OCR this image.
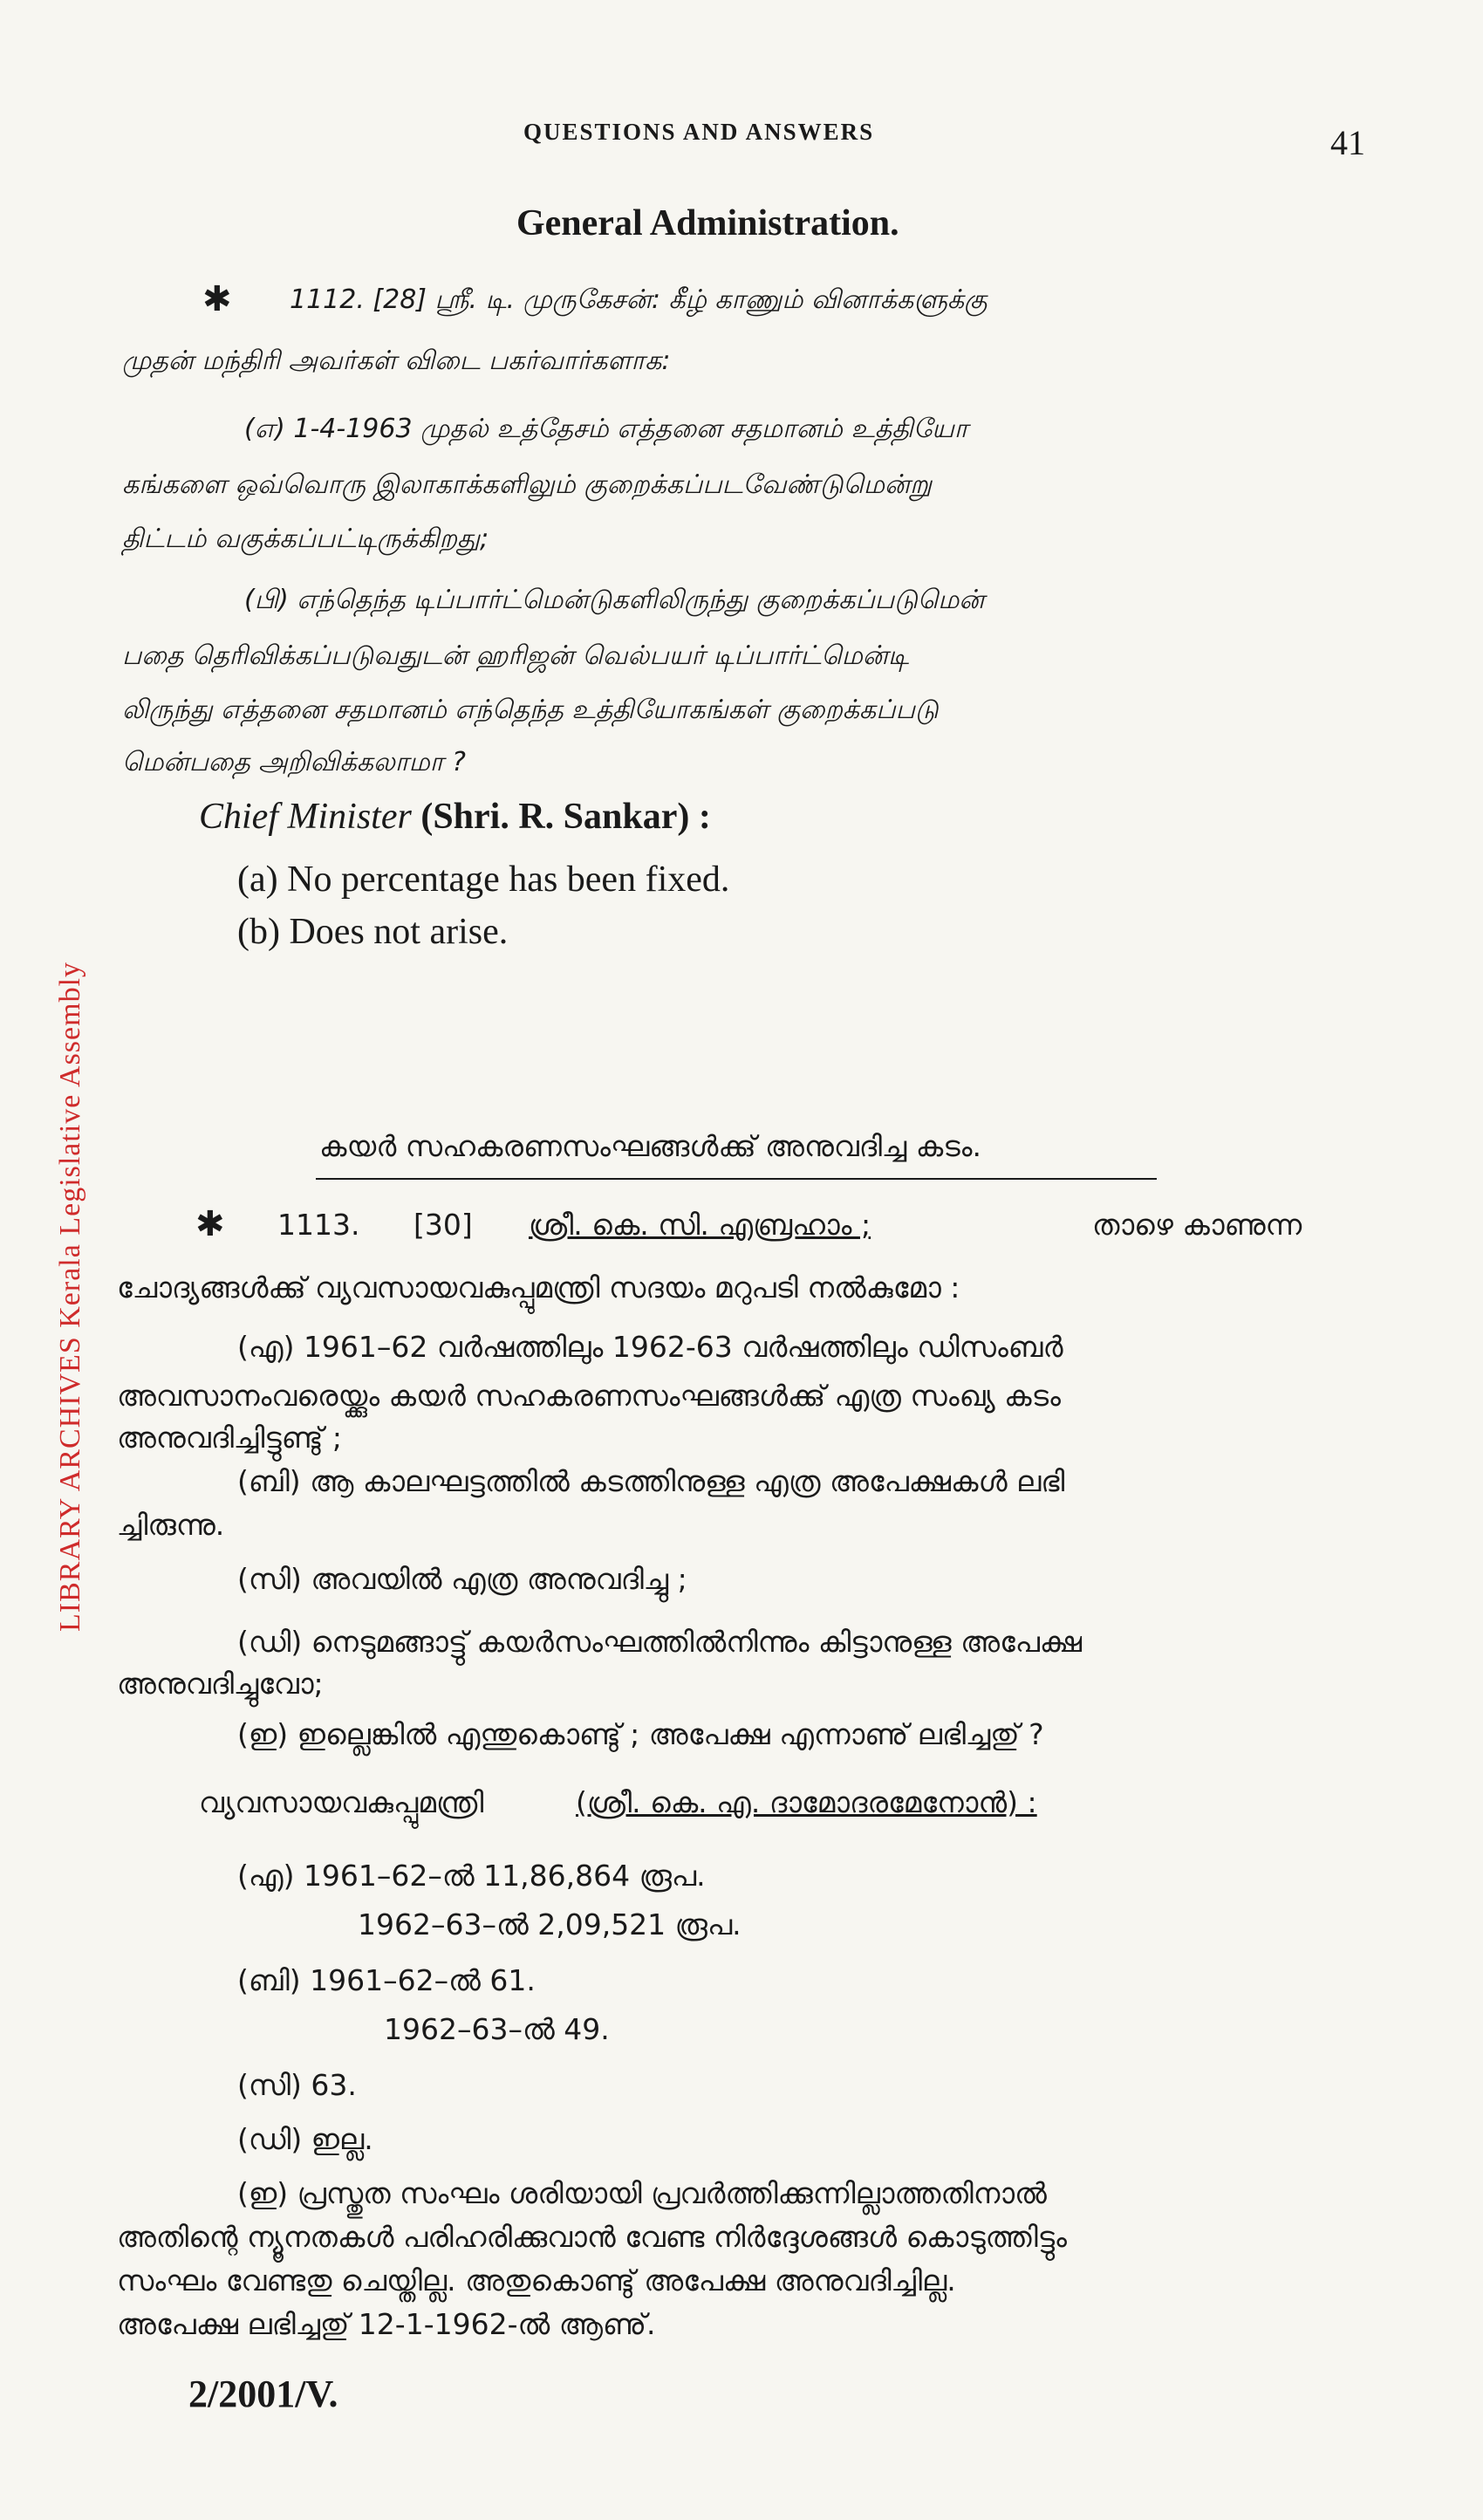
QUESTIONS AND ANSWERS	41
General Administration.
LIBRARY ARCHIVES Kerala Legislative Assembly
✱ 1112. [28] ஸ்ரீ. டி. முருகேசன்: கீழ் காணும் வினாக்களுக்கு
முதன் மந்திரி அவர்கள் விடை பகர்வார்களாக:
(எ) 1-4-1963 முதல் உத்தேசம் எத்தனை சதமானம் உத்தியோ
கங்களை ஒவ்வொரு இலாகாக்களிலும் குறைக்கப்படவேண்டுமென்று
திட்டம் வகுக்கப்பட்டிருக்கிறது;
(பி) எந்தெந்த டிப்பார்ட்மென்டுகளிலிருந்து குறைக்கப்படுமென்
பதை தெரிவிக்கப்படுவதுடன் ஹரிஜன் வெல்பயர் டிப்பார்ட்மென்டி
லிருந்து எத்தனை சதமானம் எந்தெந்த உத்தியோகங்கள் குறைக்கப்படு
மென்பதை அறிவிக்கலாமா ?
Chief Minister (Shri. R. Sankar) :
(a) No percentage has been fixed.
(b) Does not arise.
കയർ സഹകരണസംഘങ്ങൾക്കു് അനുവദിച്ച കടം.
✱ 1113. [30] ശ്രീ. കെ. സി. എബ്രഹാം ;	താഴെ കാണുന്ന
ചോദ്യങ്ങൾക്കു് വ്യവസായവകുപ്പുമന്ത്രി സദയം മറുപടി നൽകുമോ :
(എ) 1961–62 വർഷത്തിലും 1962-63 വർഷത്തിലും ഡിസംബർ
അവസാനംവരെയ്ക്കും കയർ സഹകരണസംഘങ്ങൾക്കു് എത്ര സംഖ്യ കടം
അനുവദിച്ചിട്ടുണ്ടു് ;
(ബി) ആ കാലഘട്ടത്തിൽ കടത്തിനുള്ള എത്ര അപേക്ഷകൾ ലഭി
ച്ചിരുന്നു.
(സി) അവയിൽ എത്ര അനുവദിച്ചു ;
(ഡി) നെടുമങ്ങാട്ടു് കയർസംഘത്തിൽനിന്നും കിട്ടാനുള്ള അപേക്ഷ
അനുവദിച്ചുവോ;
(ഇ) ഇല്ലെങ്കിൽ എന്തുകൊണ്ടു് ; അപേക്ഷ എന്നാണു് ലഭിച്ചതു് ?
വ്യവസായവകുപ്പുമന്ത്രി	(ശ്രീ. കെ. എ. ദാമോദരമേനോൻ) :
(എ) 1961–62–ൽ 11,86,864 രൂപ.
1962–63–ൽ 2,09,521 രൂപ.
(ബി) 1961–62–ൽ 61.
1962–63–ൽ 49.
(സി) 63.
(ഡി) ഇല്ല.
(ഇ) പ്രസ്തുത സംഘം ശരിയായി പ്രവർത്തിക്കുന്നില്ലാത്തതിനാൽ
അതിന്റെ ന്യൂനതകൾ പരിഹരിക്കുവാൻ വേണ്ട നിർദ്ദേശങ്ങൾ കൊടുത്തിട്ടും
സംഘം വേണ്ടതു ചെയ്തില്ല. അതുകൊണ്ടു് അപേക്ഷ അനുവദിച്ചില്ല.
അപേക്ഷ ലഭിച്ചതു് 12-1-1962-ൽ ആണു്.
2/2001/V.
